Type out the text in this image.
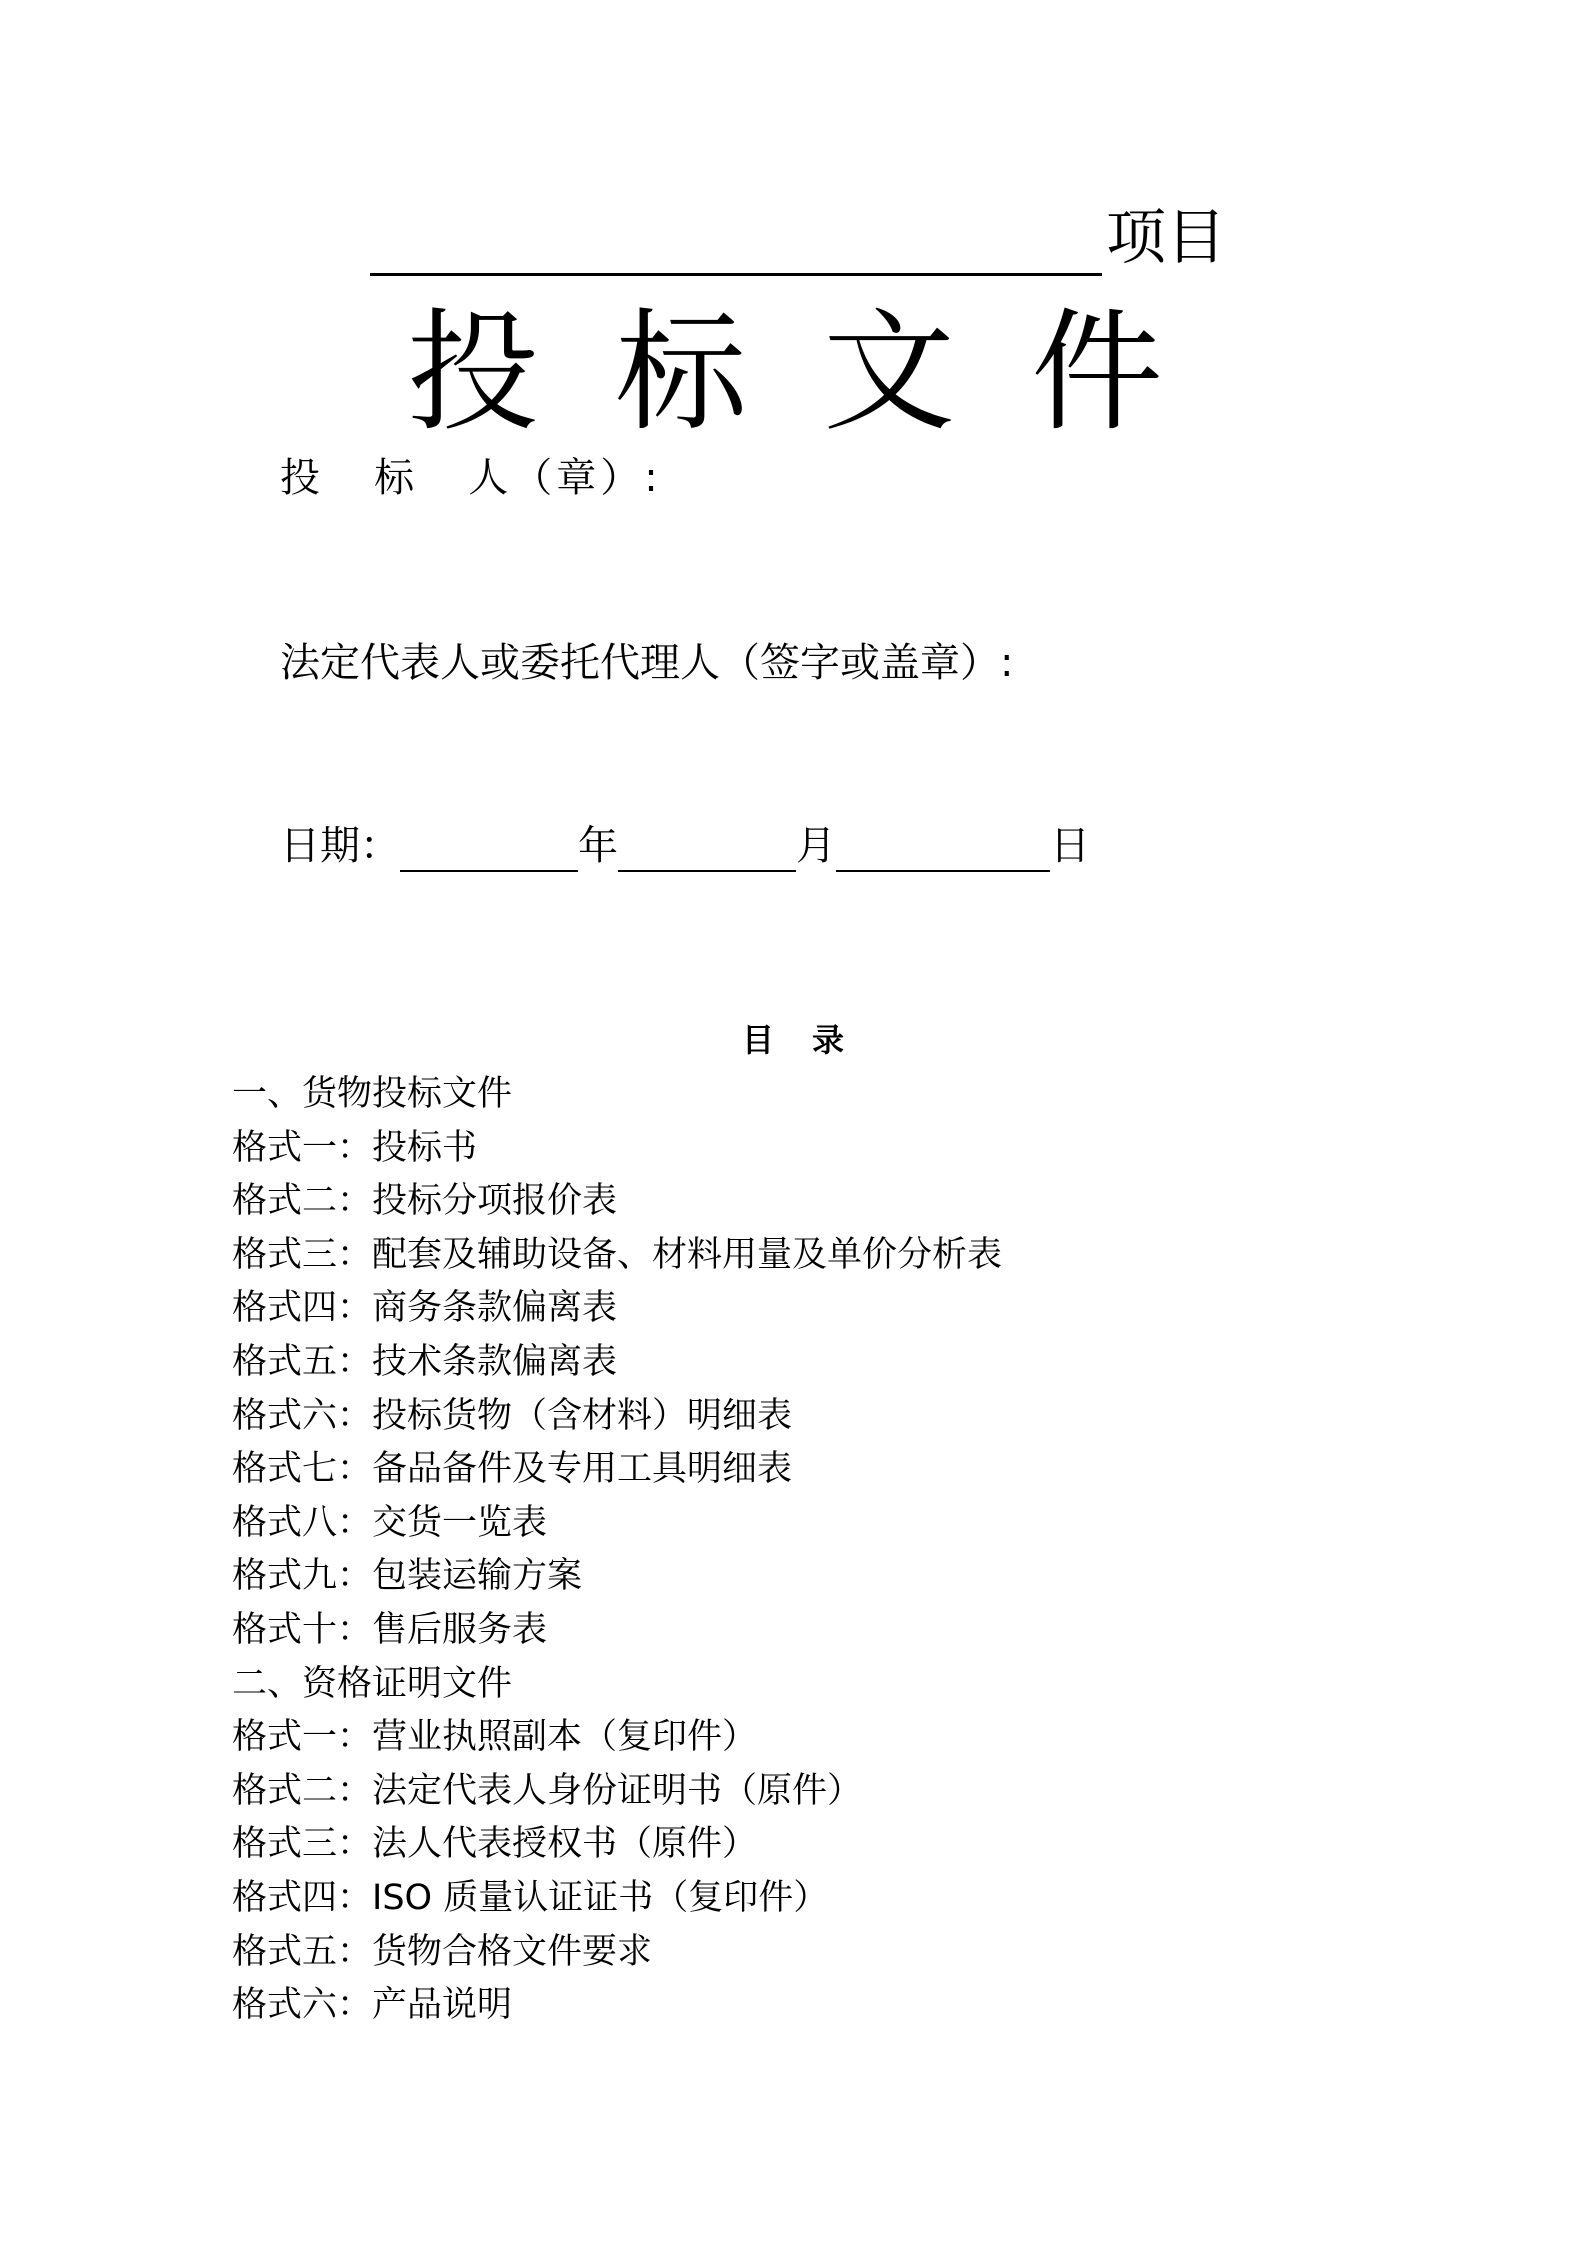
项目
投标文件
投   标   人（章）:
法定代表人或委托代理人（签字或盖章）:
日期：	年	月	日
目录
一、货物投标文件
格式一：投标书
格式二：投标分项报价表
格式三：配套及辅助设备、材料用量及单价分析表
格式四：商务条款偏离表
格式五：技术条款偏离表
格式六：投标货物（含材料）明细表
格式七：备品备件及专用工具明细表
格式八：交货一览表
格式九：包装运输方案
格式十：售后服务表
二、资格证明文件
格式一：营业执照副本（复印件）
格式二：法定代表人身份证明书（原件）
格式三：法人代表授权书（原件）
格式四：ISO 质量认证证书（复印件）
格式五：货物合格文件要求
格式六：产品说明
